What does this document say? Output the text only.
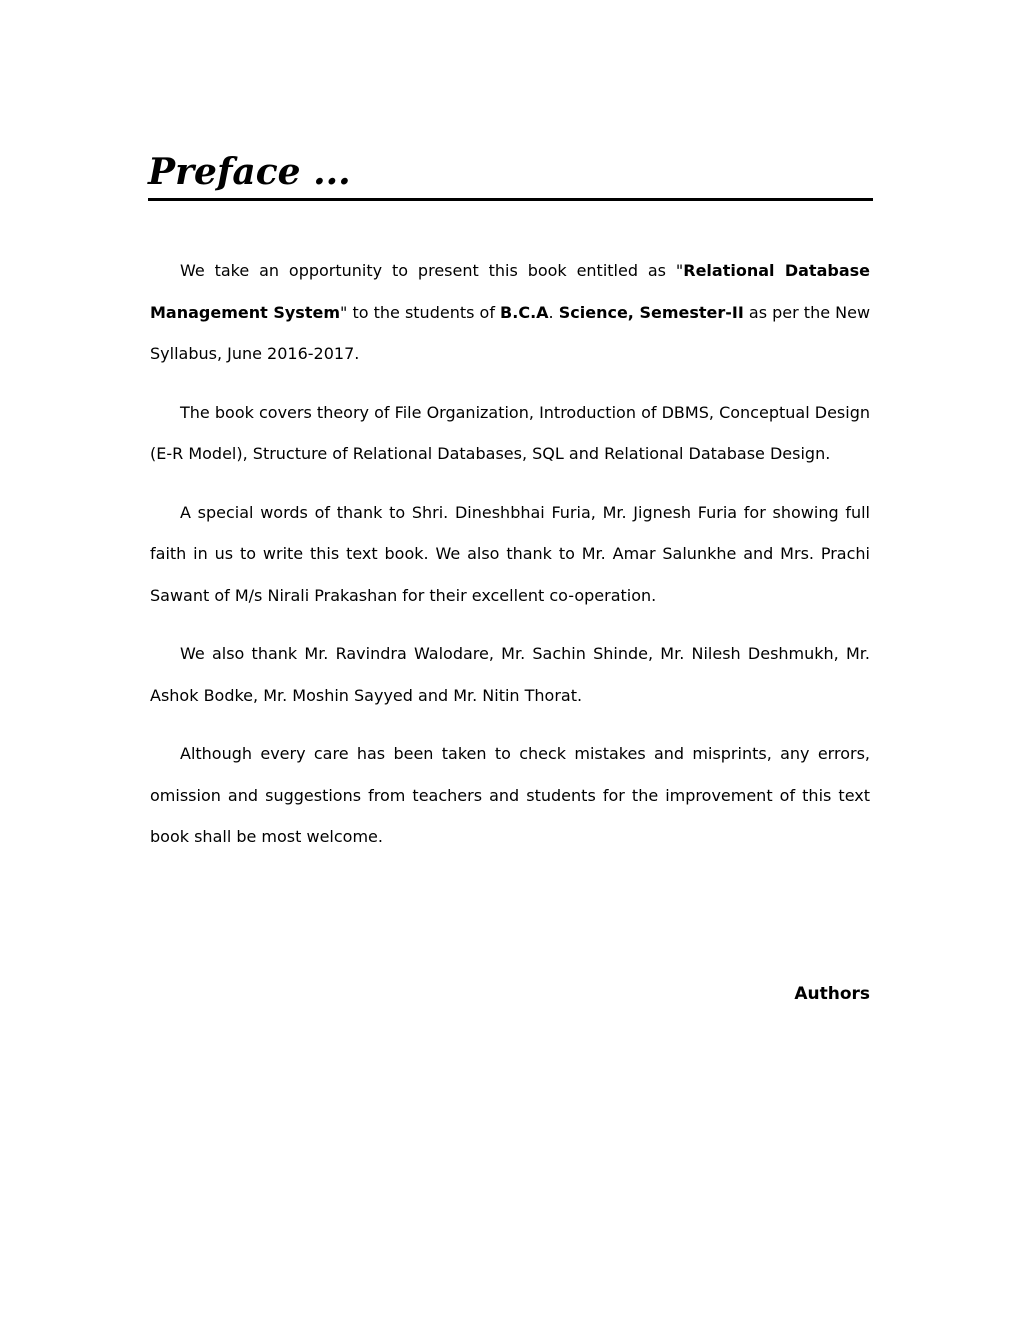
Preface ...

We take an opportunity to present this book entitled as "Relational Database Management System" to the students of B.C.A. Science, Semester-II as per the New Syllabus, June 2016-2017.

The book covers theory of File Organization, Introduction of DBMS, Conceptual Design (E-R Model), Structure of Relational Databases, SQL and Relational Database Design.

A special words of thank to Shri. Dineshbhai Furia, Mr. Jignesh Furia for showing full faith in us to write this text book. We also thank to Mr. Amar Salunkhe and Mrs. Prachi Sawant of M/s Nirali Prakashan for their excellent co-operation.

We also thank Mr. Ravindra Walodare, Mr. Sachin Shinde, Mr. Nilesh Deshmukh, Mr. Ashok Bodke, Mr. Moshin Sayyed and Mr. Nitin Thorat.

Although every care has been taken to check mistakes and misprints, any errors, omission and suggestions from teachers and students for the improvement of this text book shall be most welcome.

Authors
